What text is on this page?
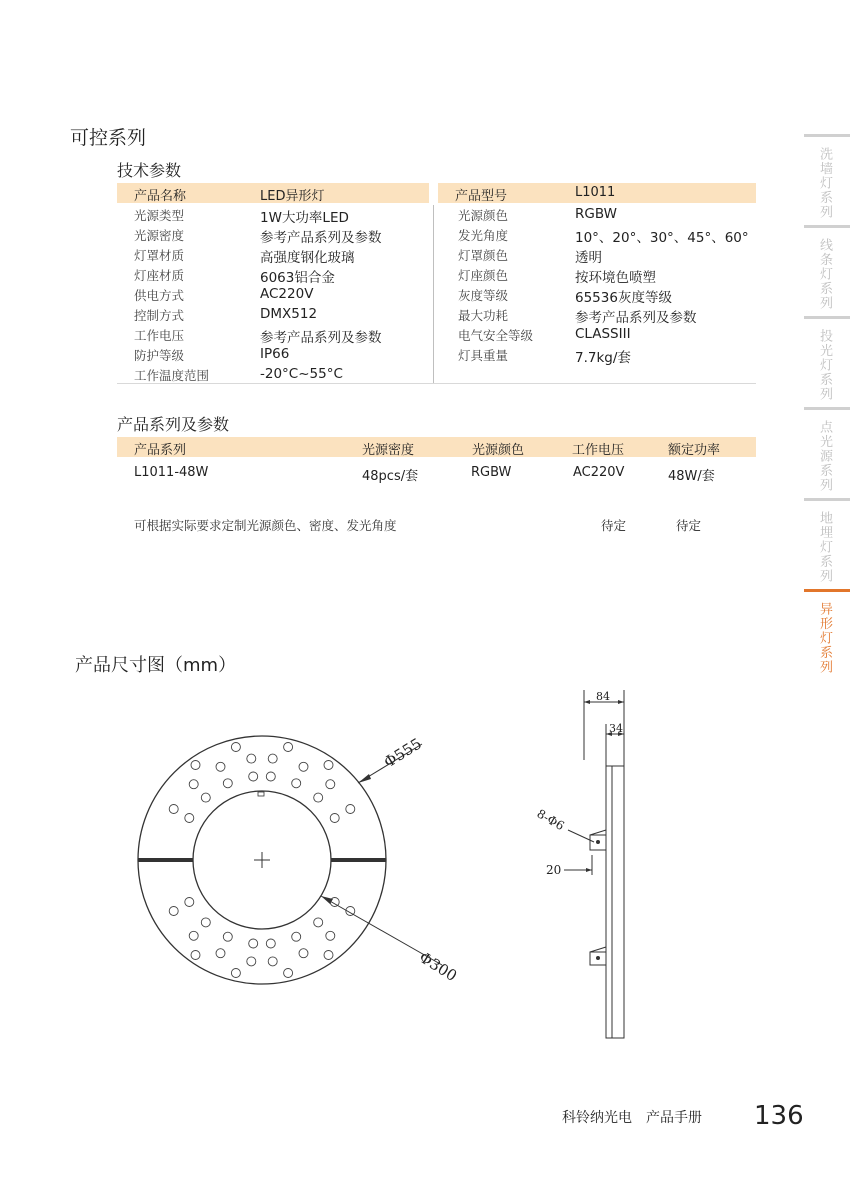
可控系列
技术参数
产品名称	LED异形灯	产品型号	L1011
光源类型	1W大功率LED
光源密度	参考产品系列及参数
灯罩材质	高强度钢化玻璃
灯座材质	6063铝合金
供电方式	AC220V
控制方式	DMX512
工作电压	参考产品系列及参数
防护等级	IP66
工作温度范围	-20°C~55°C
光源颜色	RGBW
发光角度	10°、20°、30°、45°、60°
灯罩颜色	透明
灯座颜色	按环境色喷塑
灰度等级	65536灰度等级
最大功耗	参考产品系列及参数
电气安全等级	CLASSIII
灯具重量	7.7kg/套
产品系列及参数
产品系列	光源密度	光源颜色	工作电压	额定功率
L1011-48W	48pcs/套	RGBW	AC220V	48W/套
可根据实际要求定制光源颜色、密度、发光角度	待定	待定
产品尺寸图（mm）
Φ555
Φ300
84
34
8-Φ6
20
洗墙灯系列
线条灯系列
投光灯系列
点光源系列
地埋灯系列
异形灯系列
科铃纳光电　产品手册 136
